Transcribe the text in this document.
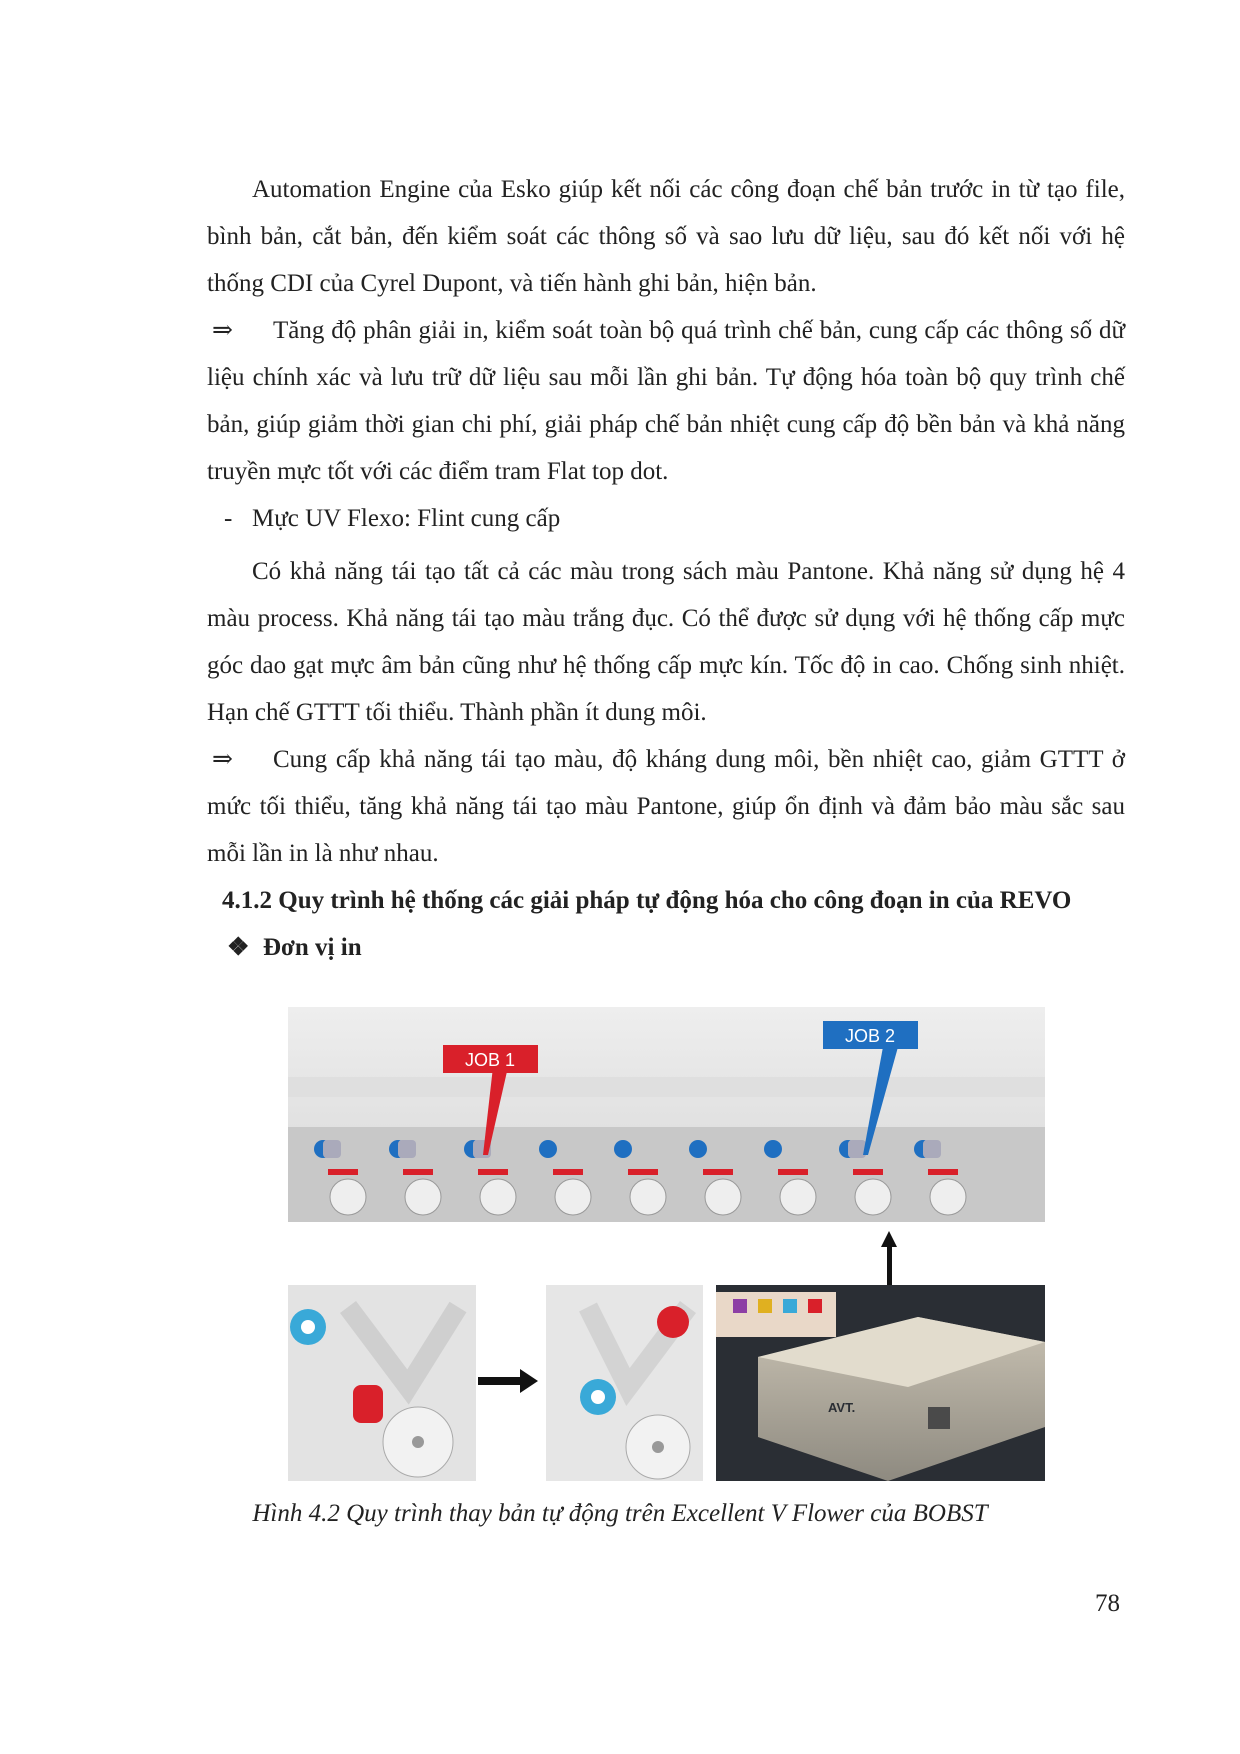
Automation Engine của Esko giúp kết nối các công đoạn chế bản trước in từ tạo file, bình bản, cắt bản, đến kiểm soát các thông số và sao lưu dữ liệu, sau đó kết nối với hệ thống CDI của Cyrel Dupont, và tiến hành ghi bản, hiện bản.

⇒ Tăng độ phân giải in, kiểm soát toàn bộ quá trình chế bản, cung cấp các thông số dữ liệu chính xác và lưu trữ dữ liệu sau mỗi lần ghi bản. Tự động hóa toàn bộ quy trình chế bản, giúp giảm thời gian chi phí, giải pháp chế bản nhiệt cung cấp độ bền bản và khả năng truyền mực tốt với các điểm tram Flat top dot.

- Mực UV Flexo: Flint cung cấp

Có khả năng tái tạo tất cả các màu trong sách màu Pantone. Khả năng sử dụng hệ 4 màu process. Khả năng tái tạo màu trắng đục. Có thể được sử dụng với hệ thống cấp mực góc dao gạt mực âm bản cũng như hệ thống cấp mực kín. Tốc độ in cao. Chống sinh nhiệt. Hạn chế GTTT tối thiểu. Thành phần ít dung môi.

⇒ Cung cấp khả năng tái tạo màu, độ kháng dung môi, bền nhiệt cao, giảm GTTT ở mức tối thiểu, tăng khả năng tái tạo màu Pantone, giúp ổn định và đảm bảo màu sắc sau mỗi lần in là như nhau.

4.1.2 Quy trình hệ thống các giải pháp tự động hóa cho công đoạn in của REVO

❖ Đơn vị in

JOB 1
JOB 2
AVT.
Hình 4.2 Quy trình thay bản tự động trên Excellent V Flower của BOBST
78
